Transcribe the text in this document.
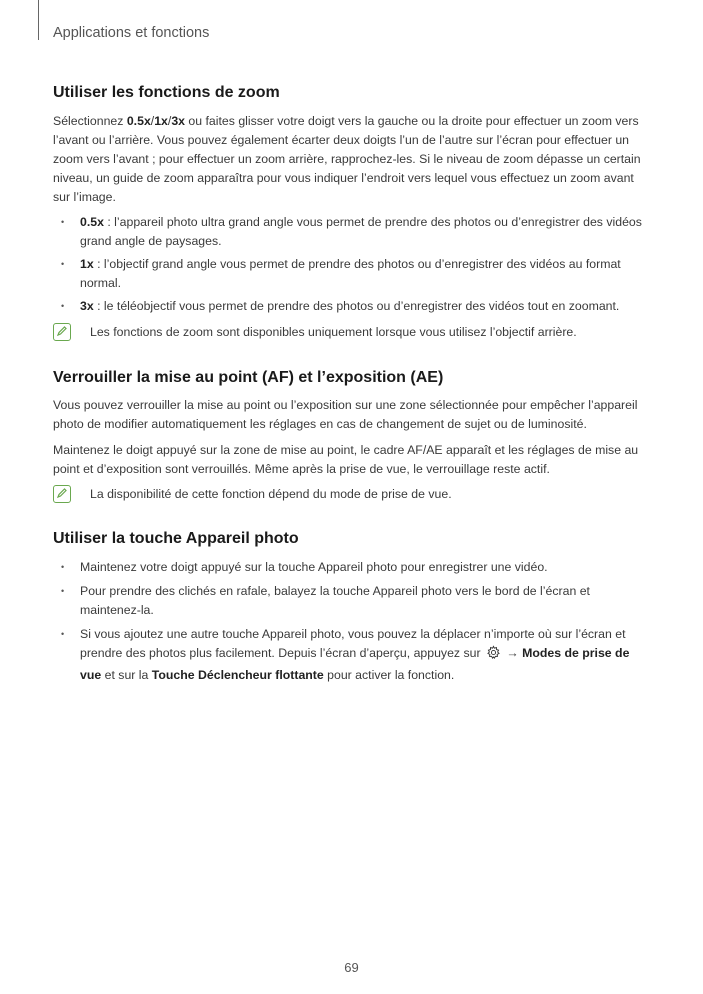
Applications et fonctions
Utiliser les fonctions de zoom

Sélectionnez 0.5x/1x/3x ou faites glisser votre doigt vers la gauche ou la droite pour effectuer un zoom vers l’avant ou l’arrière. Vous pouvez également écarter deux doigts l’un de l’autre sur l’écran pour effectuer un zoom vers l’avant ; pour effectuer un zoom arrière, rapprochez-les. Si le niveau de zoom dépasse un certain niveau, un guide de zoom apparaîtra pour vous indiquer l’endroit vers lequel vous effectuez un zoom avant sur l’image.

• 0.5x : l’appareil photo ultra grand angle vous permet de prendre des photos ou d’enregistrer des vidéos grand angle de paysages.
• 1x : l’objectif grand angle vous permet de prendre des photos ou d’enregistrer des vidéos au format normal.
• 3x : le téléobjectif vous permet de prendre des photos ou d’enregistrer des vidéos tout en zoomant.
Les fonctions de zoom sont disponibles uniquement lorsque vous utilisez l’objectif arrière.
Verrouiller la mise au point (AF) et l’exposition (AE)

Vous pouvez verrouiller la mise au point ou l’exposition sur une zone sélectionnée pour empêcher l’appareil photo de modifier automatiquement les réglages en cas de changement de sujet ou de luminosité.

Maintenez le doigt appuyé sur la zone de mise au point, le cadre AF/AE apparaît et les réglages de mise au point et d’exposition sont verrouillés. Même après la prise de vue, le verrouillage reste actif.

La disponibilité de cette fonction dépend du mode de prise de vue.
Utiliser la touche Appareil photo
• Maintenez votre doigt appuyé sur la touche Appareil photo pour enregistrer une vidéo.
• Pour prendre des clichés en rafale, balayez la touche Appareil photo vers le bord de l’écran et maintenez-la.
• Si vous ajoutez une autre touche Appareil photo, vous pouvez la déplacer n’importe où sur l’écran et prendre des photos plus facilement. Depuis l’écran d’aperçu, appuyez sur  → Modes de prise de vue et sur la Touche Déclencheur flottante pour activer la fonction.
69
